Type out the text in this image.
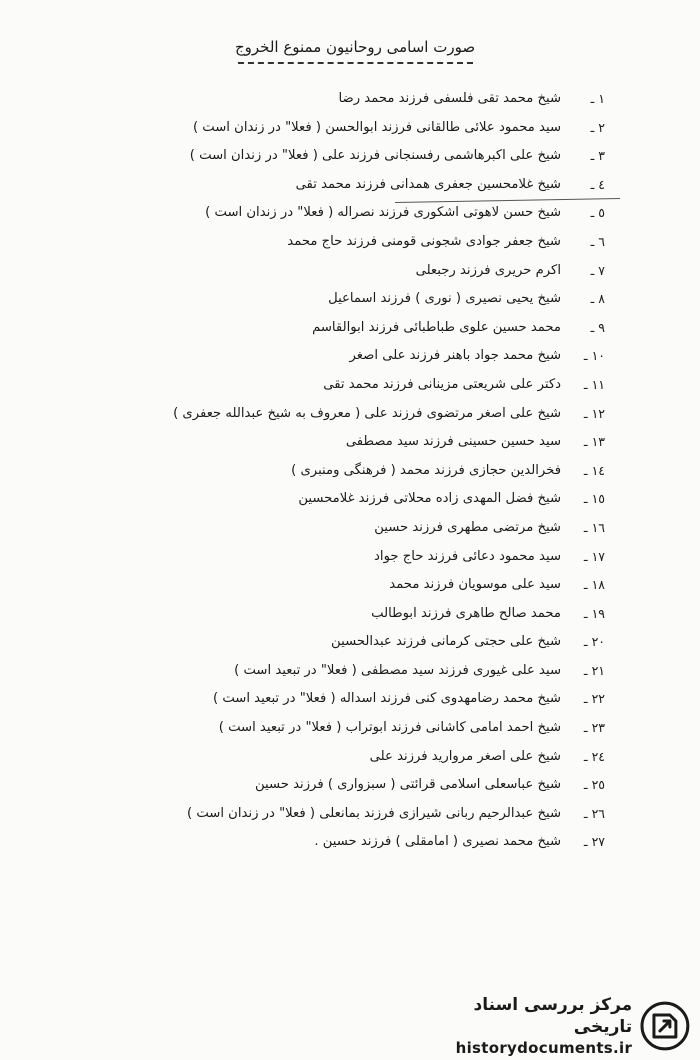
صورت اسامی روحانیون ممنوع الخروج
۱ ـ
شیخ محمد تقی فلسفی فرزند محمد رضا
۲ ـ
سید محمود علائی طالقانی فرزند ابوالحسن ( فعلا" در زندان است )
۳ ـ
شیخ علی اکبرهاشمی رفسنجانی فرزند علی ( فعلا" در زندان است )
٤ ـ
شیخ غلامحسین جعفری همدانی فرزند محمد تقی
٥ ـ
شیخ حسن لاهوتی اشکوری فرزند نصراله ( فعلا" در زندان است )
٦ ـ
شیخ جعفر جوادی شجونی قومنی فرزند حاج محمد
۷ ـ
اکرم حریری فرزند رجبعلی
۸ ـ
شیخ یحیی نصیری ( نوری ) فرزند اسماعیل
۹ ـ
محمد حسین علوی طباطبائی فرزند ابوالقاسم
۱۰ ـ
شیخ محمد جواد باهنر فرزند علی اصغر
۱۱ ـ
دکتر علی شریعتی مزینانی فرزند محمد تقی
۱۲ ـ
شیخ علی اصغر مرتضوی فرزند علی ( معروف به شیخ عبدالله جعفری )
۱۳ ـ
سید حسین حسینی فرزند سید مصطفی
۱٤ ـ
فخرالدین حجازی فرزند محمد ( فرهنگی ومنبری )
۱٥ ـ
شیخ فضل المهدی زاده محلاتی فرزند غلامحسین
۱٦ ـ
شیخ مرتضی مطهری فرزند حسین
۱۷ ـ
سید محمود دعائی فرزند حاج جواد
۱۸ ـ
سید علی موسویان فرزند محمد
۱۹ ـ
محمد صالح طاهری فرزند ابوطالب
۲۰ ـ
شیخ علی حجتی کرمانی فرزند عبدالحسین
۲۱ ـ
سید علی غیوری فرزند سید مصطفی ( فعلا" در تبعید است )
۲۲ ـ
شیخ محمد رضامهدوی کنی فرزند اسداله ( فعلا" در تبعید است )
۲۳ ـ
شیخ احمد امامی کاشانی فرزند ابوتراب ( فعلا" در تبعید است )
۲٤ ـ
شیخ علی اصغر مروارید فرزند علی
۲٥ ـ
شیخ عباسعلی اسلامی قرائتی ( سبزواری ) فرزند حسین
۲٦ ـ
شیخ عبدالرحیم ربانی شیرازی فرزند بمانعلی ( فعلا" در زندان است )
۲۷ ـ
شیخ محمد نصیری ( امامقلی ) فرزند حسین .
مرکز بررسی اسناد تاریخی
historydocuments.ir
